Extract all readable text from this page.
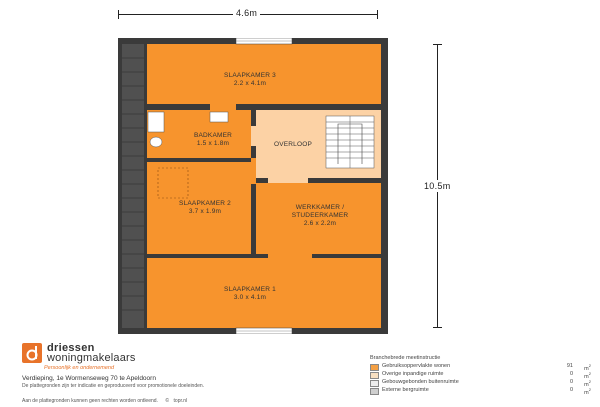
4.6m
10.5m
SLAAPKAMER 3
2.2 x 4.1m
BADKAMER
1.5 x 1.8m	OVERLOOP
SLAAPKAMER 2
3.7 x 1.9m
WERKKAMER /
STUDEERKAMER
2.6 x 2.2m
SLAAPKAMER 1
3.0 x 4.1m
driessen
woningmakelaars
Persoonlijk en ondernemend
Verdieping, 1e Wormenseweg 70 te Apeldoorn
De plattegronden zijn ter indicatie en geproduceerd voor promotionele doeleinden.
Aan de plattegronden kunnen geen rechten worden ontleend. © topr.nl
Branchebrede meetinstructie
Gebruiksoppervlakte wonen	91 $m^2$
Overige inpandige ruimte	0 $m^2$
Gebouwgebonden buitenruimte	0 $m^2$
Externe bergruimte	0 $m^2$
